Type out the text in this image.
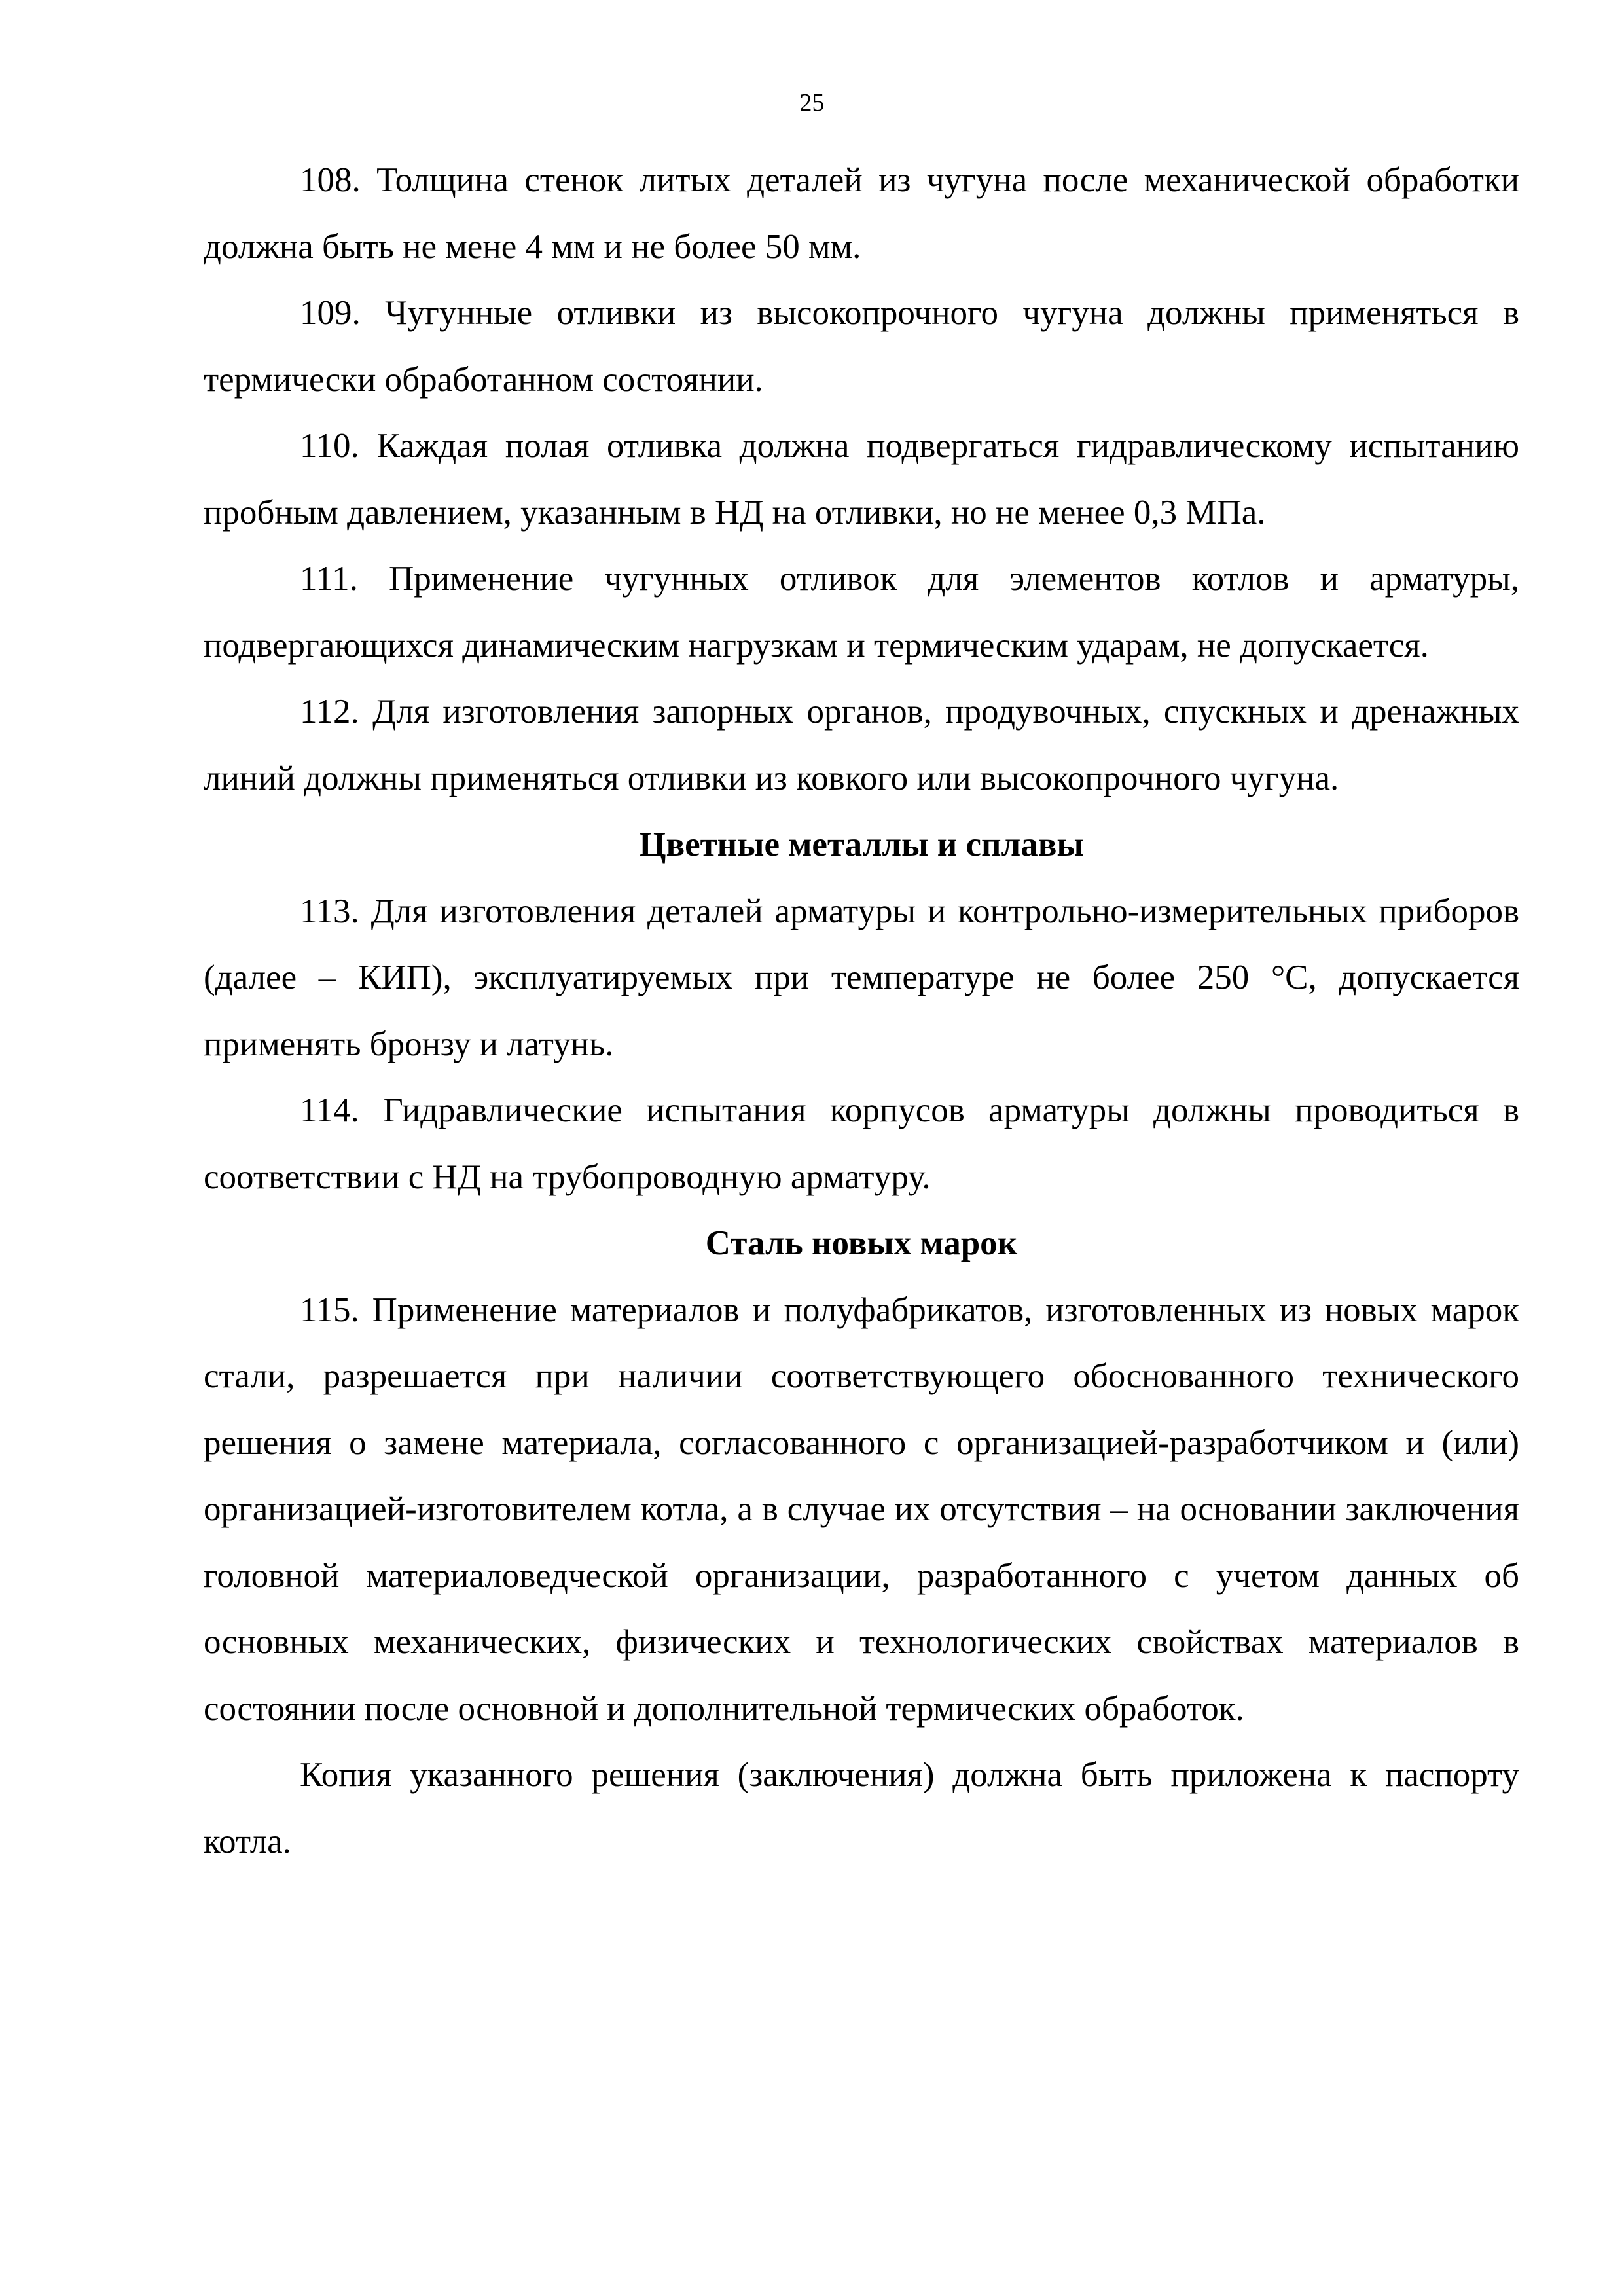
25

108. Толщина стенок литых деталей из чугуна после механической обработки должна быть не мене 4 мм и не более 50 мм.

109. Чугунные отливки из высокопрочного чугуна должны применяться в термически обработанном состоянии.

110. Каждая полая отливка должна подвергаться гидравлическому испытанию пробным давлением, указанным в НД на отливки, но не менее 0,3 МПа.

111. Применение чугунных отливок для элементов котлов и арматуры, подвергающихся динамическим нагрузкам и термическим ударам, не допускается.

112. Для изготовления запорных органов, продувочных, спускных и дренажных линий должны применяться отливки из ковкого или высокопрочного чугуна.

Цветные металлы и сплавы

113. Для изготовления деталей арматуры и контрольно-измерительных приборов (далее – КИП), эксплуатируемых при температуре не более 250 °С, допускается применять бронзу и латунь.

114. Гидравлические испытания корпусов арматуры должны проводиться в соответствии с НД на трубопроводную арматуру.

Сталь новых марок

115. Применение материалов и полуфабрикатов, изготовленных из новых марок стали, разрешается при наличии соответствующего обоснованного технического решения о замене материала, согласованного с организацией-разработчиком и (или) организацией-изготовителем котла, а в случае их отсутствия – на основании заключения головной материаловедческой организации, разработанного с учетом данных об основных механических, физических и технологических свойствах материалов в состоянии после основной и дополнительной термических обработок.

Копия указанного решения (заключения) должна быть приложена к паспорту котла.
